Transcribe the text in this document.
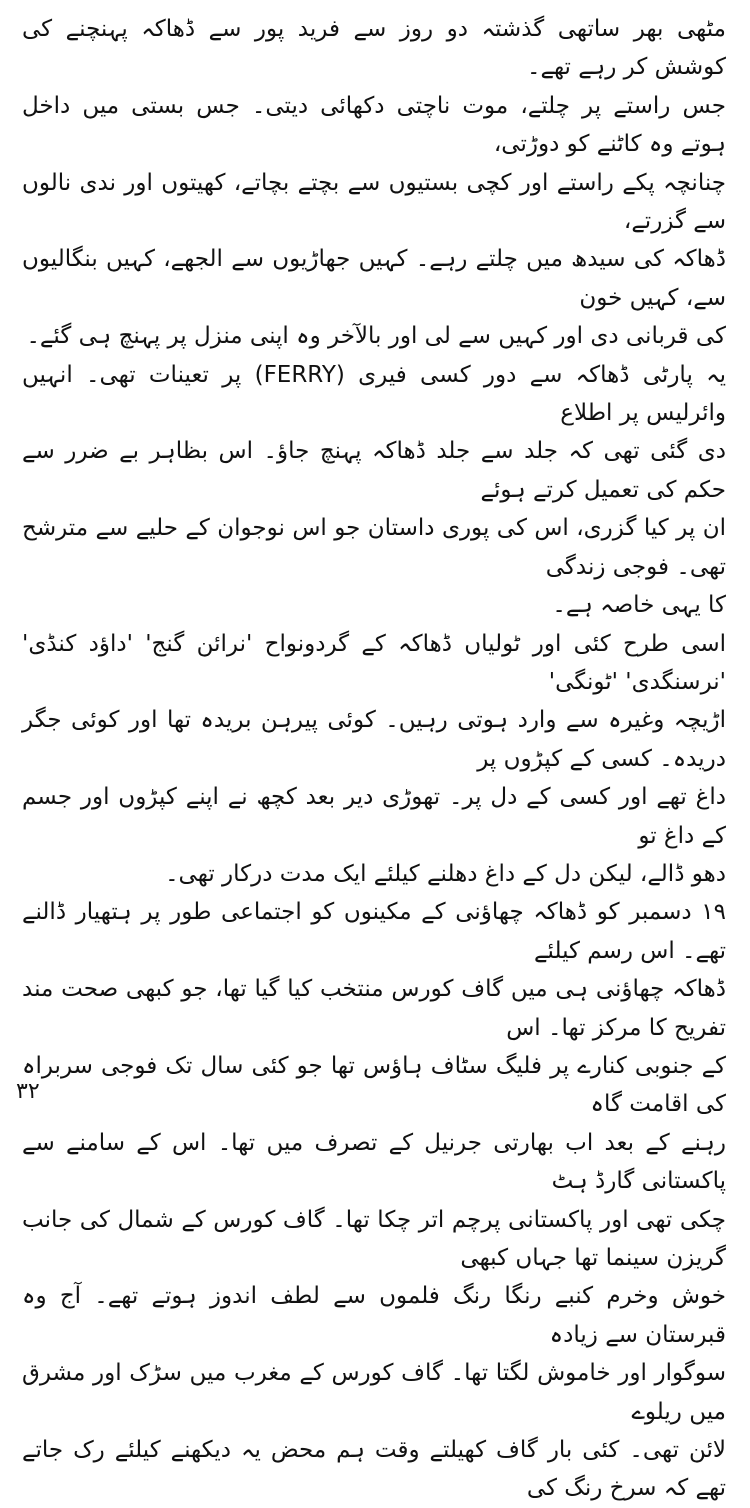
مٹھی بھر ساتھی گذشتہ دو روز سے فرید پور سے ڈھاکہ پہنچنے کی کوشش کر رہے تھے۔
جس راستے پر چلتے، موت ناچتی دکھائی دیتی۔ جس بستی میں داخل ہوتے وہ کاٹنے کو دوڑتی،
چنانچہ پکے راستے اور کچی بستیوں سے بچتے بچاتے، کھیتوں اور ندی نالوں سے گزرتے،
ڈھاکہ کی سیدھ میں چلتے رہے۔ کہیں جھاڑیوں سے الجھے، کہیں بنگالیوں سے، کہیں خون
کی قربانی دی اور کہیں سے لی اور بالآخر وہ اپنی منزل پر پہنچ ہی گئے۔

یہ پارٹی ڈھاکہ سے دور کسی فیری (FERRY) پر تعینات تھی۔ انہیں وائرلیس پر اطلاع
دی گئی تھی کہ جلد سے جلد ڈھاکہ پہنچ جاؤ۔ اس بظاہر بے ضرر سے حکم کی تعمیل کرتے ہوئے
ان پر کیا گزری، اس کی پوری داستان جو اس نوجوان کے حلیے سے مترشح تھی۔ فوجی زندگی
کا یہی خاصہ ہے۔

اسی طرح کئی اور ٹولیاں ڈھاکہ کے گردونواح 'نرائن گنج' 'داؤد کنڈی' 'نرسنگدی' 'ٹونگی'
اڑیچہ وغیرہ سے وارد ہوتی رہیں۔ کوئی پیرہن بریدہ تھا اور کوئی جگر دریدہ۔ کسی کے کپڑوں پر
داغ تھے اور کسی کے دل پر۔ تھوڑی دیر بعد کچھ نے اپنے کپڑوں اور جسم کے داغ تو
دھو ڈالے، لیکن دل کے داغ دھلنے کیلئے ایک مدت درکار تھی۔

۱۹ دسمبر کو ڈھاکہ چھاؤنی کے مکینوں کو اجتماعی طور پر ہتھیار ڈالنے تھے۔ اس رسم کیلئے
ڈھاکہ چھاؤنی ہی میں گاف کورس منتخب کیا گیا تھا، جو کبھی صحت مند تفریح کا مرکز تھا۔ اس
کے جنوبی کنارے پر فلیگ سٹاف ہاؤس تھا جو کئی سال تک فوجی سربراہ کی اقامت گاہ
رہنے کے بعد اب بھارتی جرنیل کے تصرف میں تھا۔ اس کے سامنے سے پاکستانی گارڈ ہٹ
چکی تھی اور پاکستانی پرچم اتر چکا تھا۔ گاف کورس کے شمال کی جانب گریزن سینما تھا جہاں کبھی
خوش وخرم کنبے رنگا رنگ فلموں سے لطف اندوز ہوتے تھے۔ آج وہ قبرستان سے زیادہ
سوگوار اور خاموش لگتا تھا۔ گاف کورس کے مغرب میں سڑک اور مشرق میں ریلوے
لائن تھی۔ کئی بار گاف کھیلتے وقت ہم محض یہ دیکھنے کیلئے رک جاتے تھے کہ سرخ رنگ کی

۳۲
